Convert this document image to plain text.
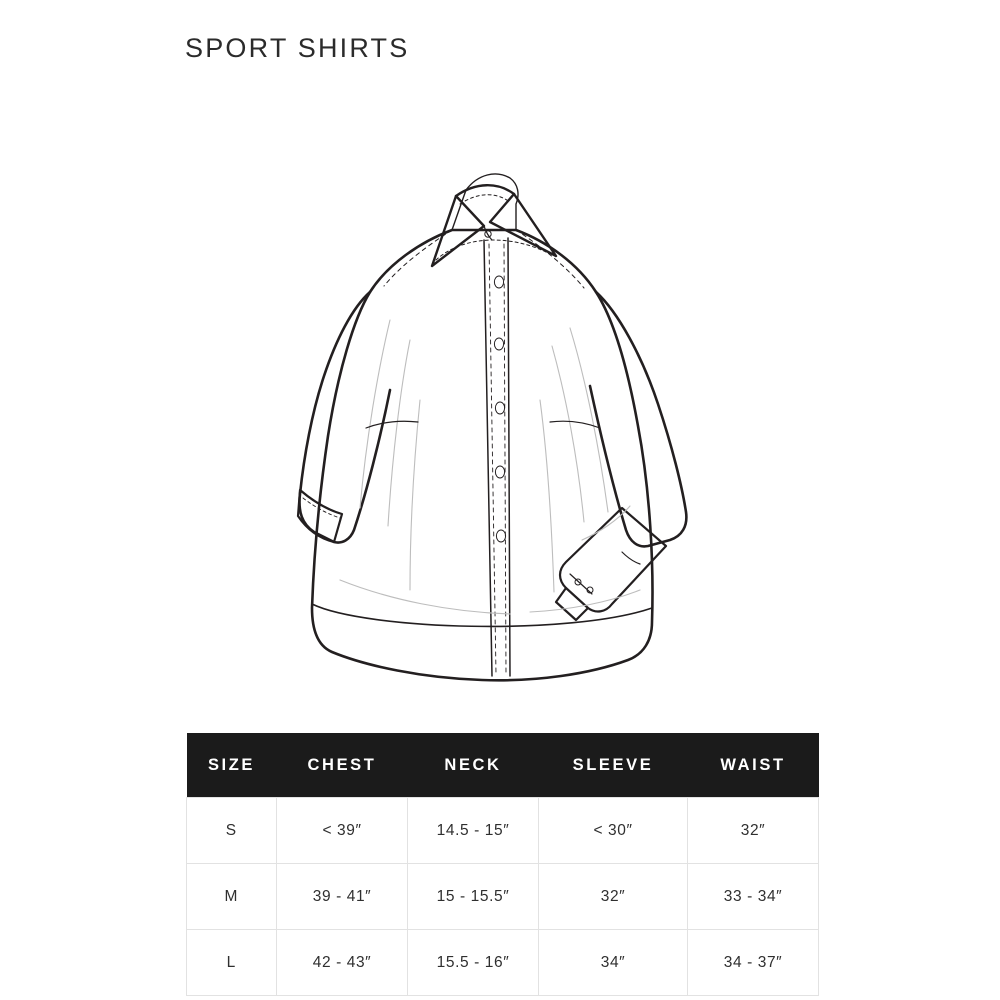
SPORT SHIRTS
SIZE	CHEST	NECK	SLEEVE	WAIST
S	< 39″	14.5 - 15″	< 30″	32″
M	39 - 41″	15 - 15.5″	32″	33 - 34″
L	42 - 43″	15.5 - 16″	34″	34 - 37″
